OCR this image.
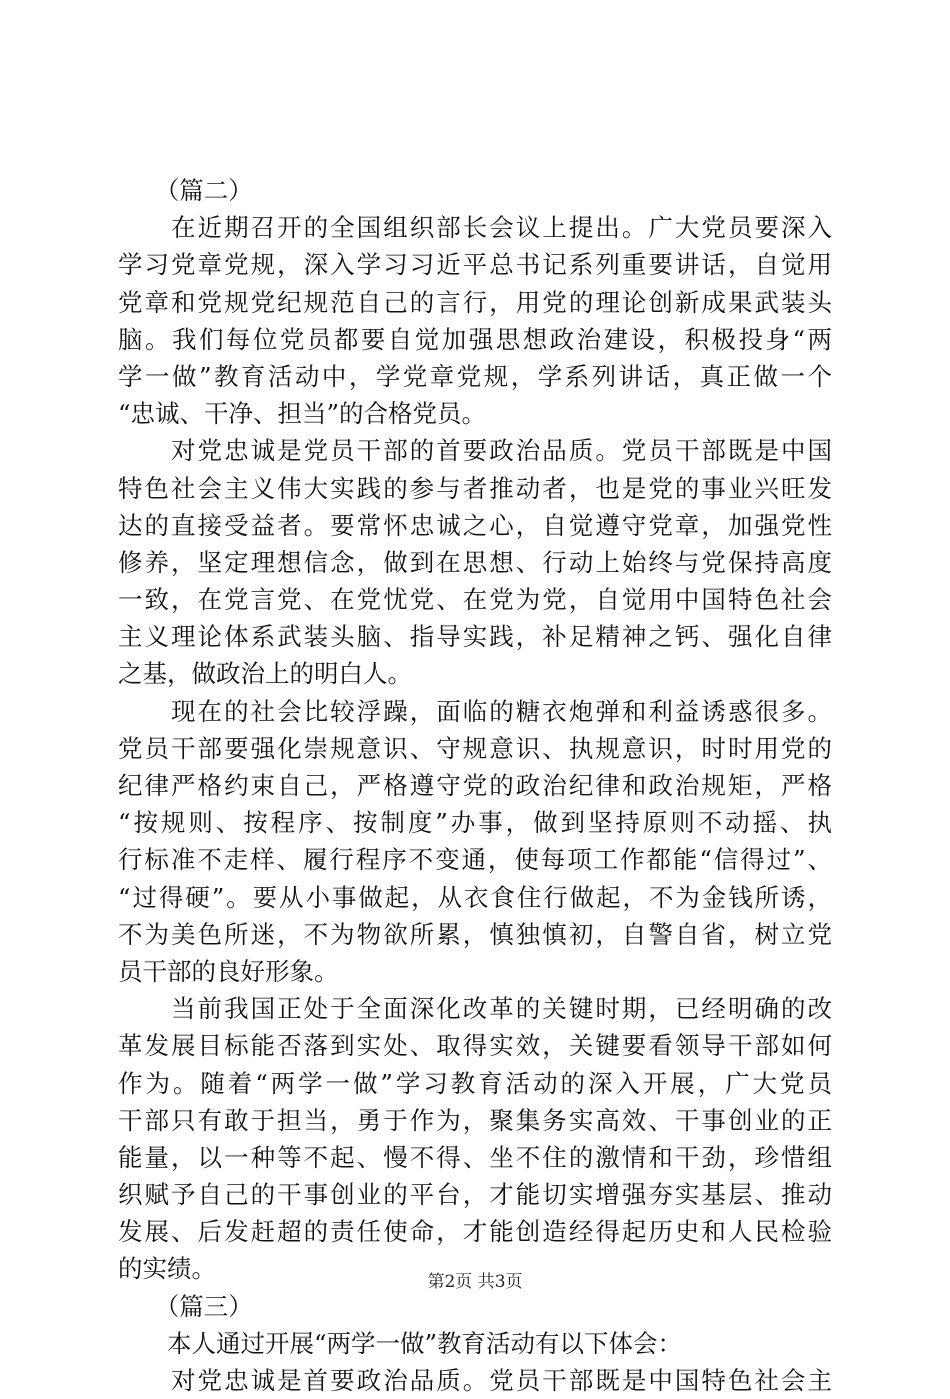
　　（篇二）
　　在近期召开的全国组织部长会议上提出。广大党员要深入
学习党章党规，深入学习习近平总书记系列重要讲话，自觉用
党章和党规党纪规范自己的言行，用党的理论创新成果武装头
脑。我们每位党员都要自觉加强思想政治建设，积极投身“两
学一做”教育活动中，学党章党规，学系列讲话，真正做一个
“忠诚、干净、担当”的合格党员。
　　对党忠诚是党员干部的首要政治品质。党员干部既是中国
特色社会主义伟大实践的参与者推动者，也是党的事业兴旺发
达的直接受益者。要常怀忠诚之心，自觉遵守党章，加强党性
修养，坚定理想信念，做到在思想、行动上始终与党保持高度
一致，在党言党、在党忧党、在党为党，自觉用中国特色社会
主义理论体系武装头脑、指导实践，补足精神之钙、强化自律
之基，做政治上的明白人。
　　现在的社会比较浮躁，面临的糖衣炮弹和利益诱惑很多。
党员干部要强化崇规意识、守规意识、执规意识，时时用党的
纪律严格约束自己，严格遵守党的政治纪律和政治规矩，严格
“按规则、按程序、按制度”办事，做到坚持原则不动摇、执
行标准不走样、履行程序不变通，使每项工作都能“信得过”、
“过得硬”。要从小事做起，从衣食住行做起，不为金钱所诱，
不为美色所迷，不为物欲所累，慎独慎初，自警自省，树立党
员干部的良好形象。
　　当前我国正处于全面深化改革的关键时期，已经明确的改
革发展目标能否落到实处、取得实效，关键要看领导干部如何
作为。随着“两学一做”学习教育活动的深入开展，广大党员
干部只有敢于担当，勇于作为，聚集务实高效、干事创业的正
能量，以一种等不起、慢不得、坐不住的激情和干劲，珍惜组
织赋予自己的干事创业的平台，才能切实增强夯实基层、推动
发展、后发赶超的责任使命，才能创造经得起历史和人民检验
的实绩。
　　（篇三）
　　本人通过开展“两学一做”教育活动有以下体会：
　　对党忠诚是首要政治品质。党员干部既是中国特色社会主
第2页 共3页
